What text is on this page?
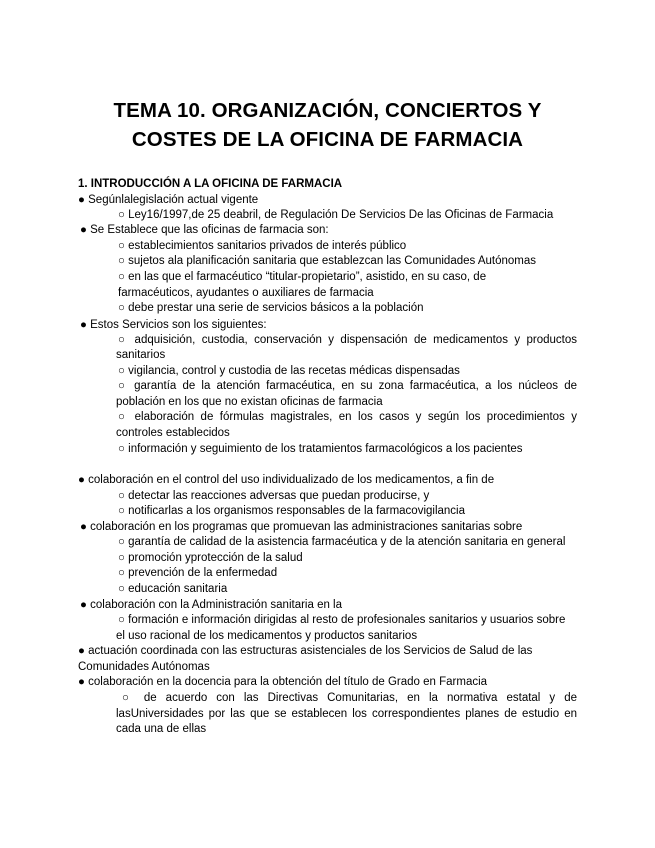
TEMA 10. ORGANIZACIÓN, CONCIERTOS Y
COSTES DE LA OFICINA DE FARMACIA
1. INTRODUCCIÓN A LA OFICINA DE FARMACIA
● Segúnlalegislación actual vigente
○ Ley16/1997,de 25 deabril, de Regulación De Servicios De las Oficinas de Farmacia
● Se Establece que las oficinas de farmacia son:
○ establecimientos sanitarios privados de interés público
○ sujetos ala planificación sanitaria que establezcan las Comunidades Autónomas
○ en las que el farmacéutico “titular-propietario”, asistido, en su caso, de
farmacéuticos, ayudantes o auxiliares de farmacia
○ debe prestar una serie de servicios básicos a la población
● Estos Servicios son los siguientes:
○ adquisición, custodia, conservación y dispensación de medicamentos y productos
sanitarios
○ vigilancia, control y custodia de las recetas médicas dispensadas
○ garantía de la atención farmacéutica, en su zona farmacéutica, a los núcleos de
población en los que no existan oficinas de farmacia
○ elaboración de fórmulas magistrales, en los casos y según los procedimientos y
controles establecidos
○ información y seguimiento de los tratamientos farmacológicos a los pacientes
● colaboración en el control del uso individualizado de los medicamentos, a fin de
○ detectar las reacciones adversas que puedan producirse, y
○ notificarlas a los organismos responsables de la farmacovigilancia
● colaboración en los programas que promuevan las administraciones sanitarias sobre
○ garantía de calidad de la asistencia farmacéutica y de la atención sanitaria en general
○ promoción yprotección de la salud
○ prevención de la enfermedad
○ educación sanitaria
● colaboración con la Administración sanitaria en la
○ formación e información dirigidas al resto de profesionales sanitarios y usuarios sobre
el uso racional de los medicamentos y productos sanitarios
● actuación coordinada con las estructuras asistenciales de los Servicios de Salud de las
Comunidades Autónomas
● colaboración en la docencia para la obtención del título de Grado en Farmacia
○ de acuerdo con las Directivas Comunitarias, en la normativa estatal y de
lasUniversidades por las que se establecen los correspondientes planes de estudio en
cada una de ellas
